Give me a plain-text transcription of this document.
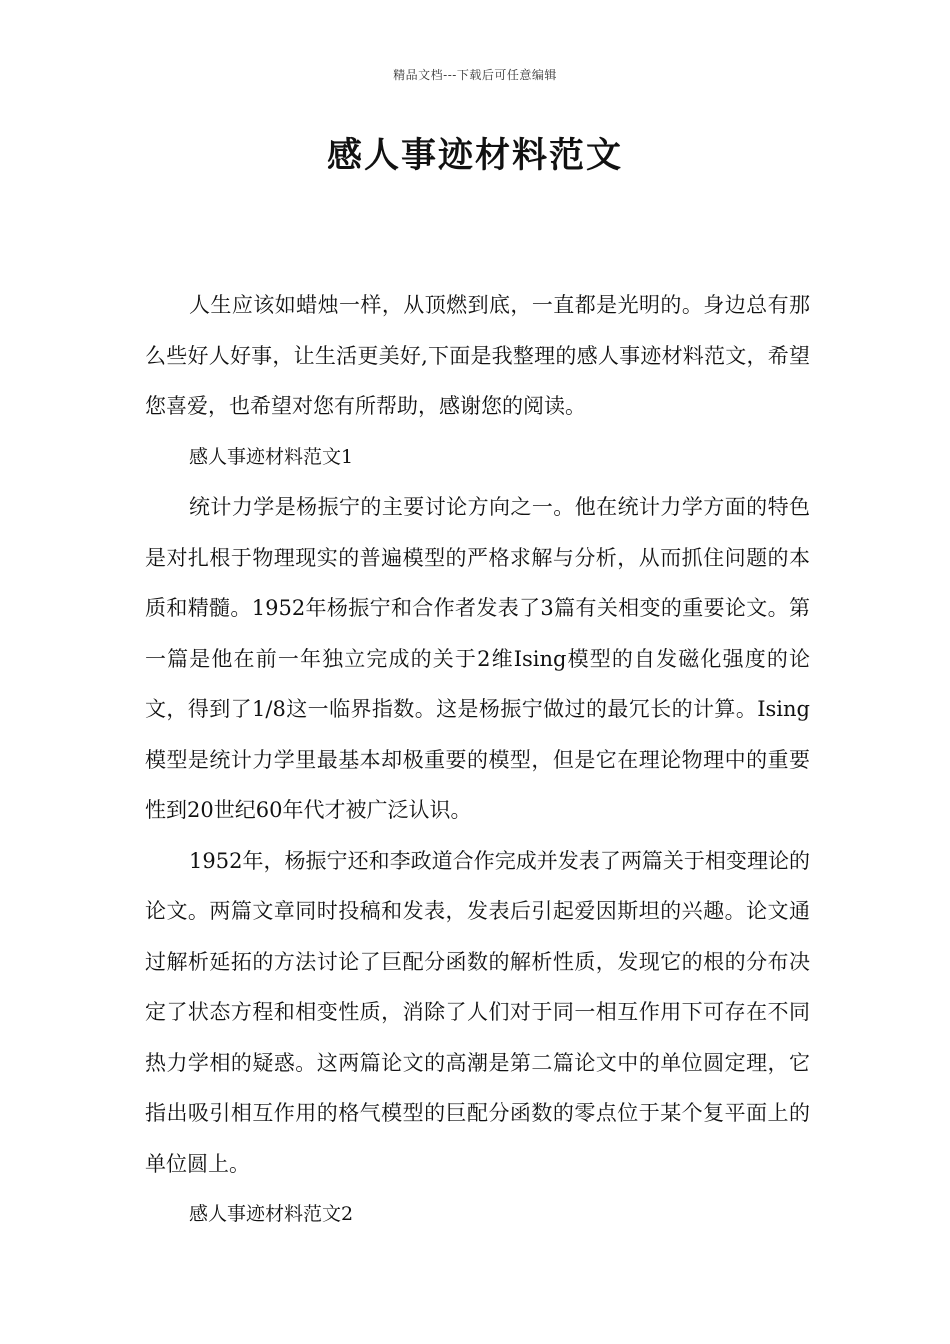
精品文档---下载后可任意编辑
感人事迹材料范文

人生应该如蜡烛一样，从顶燃到底，一直都是光明的。身边总有那么些好人好事，让生活更美好,下面是我整理的感人事迹材料范文，希望您喜爱，也希望对您有所帮助，感谢您的阅读。

感人事迹材料范文1

统计力学是杨振宁的主要讨论方向之一。他在统计力学方面的特色是对扎根于物理现实的普遍模型的严格求解与分析，从而抓住问题的本质和精髓。1952年杨振宁和合作者发表了3篇有关相变的重要论文。第一篇是他在前一年独立完成的关于2维Ising模型的自发磁化强度的论文，得到了1/8这一临界指数。这是杨振宁做过的最冗长的计算。Ising模型是统计力学里最基本却极重要的模型，但是它在理论物理中的重要性到20世纪60年代才被广泛认识。

1952年，杨振宁还和李政道合作完成并发表了两篇关于相变理论的论文。两篇文章同时投稿和发表，发表后引起爱因斯坦的兴趣。论文通过解析延拓的方法讨论了巨配分函数的解析性质，发现它的根的分布决定了状态方程和相变性质，消除了人们对于同一相互作用下可存在不同热力学相的疑惑。这两篇论文的高潮是第二篇论文中的单位圆定理，它指出吸引相互作用的格气模型的巨配分函数的零点位于某个复平面上的单位圆上。

感人事迹材料范文2
